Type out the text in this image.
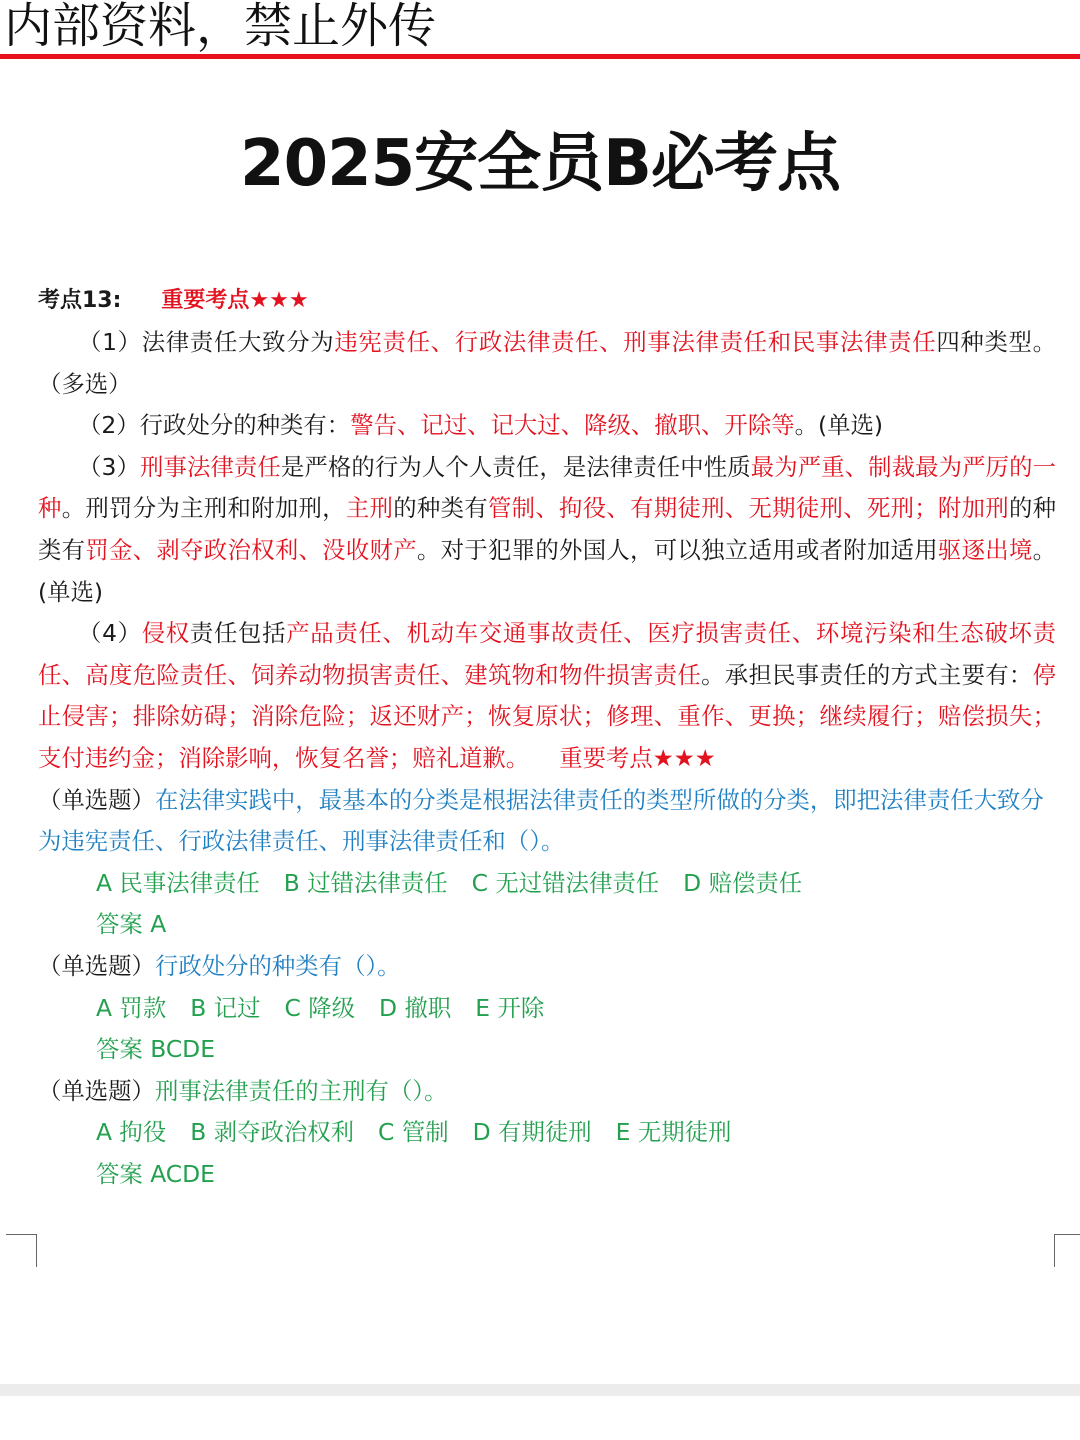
内部资料，禁止外传
2025安全员B必考点
考点13: 重要考点★★★
（1）法律责任大致分为违宪责任、行政法律责任、刑事法律责任和民事法律责任四种类型。（多选）
（2）行政处分的种类有：警告、记过、记大过、降级、撤职、开除等。(单选)
（3）刑事法律责任是严格的行为人个人责任，是法律责任中性质最为严重、制裁最为严厉的一种。刑罚分为主刑和附加刑，主刑的种类有管制、拘役、有期徒刑、无期徒刑、死刑；附加刑的种类有罚金、剥夺政治权利、没收财产。对于犯罪的外国人，可以独立适用或者附加适用驱逐出境。(单选)
（4）侵权责任包括产品责任、机动车交通事故责任、医疗损害责任、环境污染和生态破坏责任、高度危险责任、饲养动物损害责任、建筑物和物件损害责任。承担民事责任的方式主要有：停止侵害；排除妨碍；消除危险；返还财产；恢复原状；修理、重作、更换；继续履行；赔偿损失；支付违约金；消除影响，恢复名誉；赔礼道歉。 重要考点★★★
（单选题）在法律实践中，最基本的分类是根据法律责任的类型所做的分类，即把法律责任大致分为违宪责任、行政法律责任、刑事法律责任和（）。
A 民事法律责任 B 过错法律责任 C 无过错法律责任 D 赔偿责任
答案 A
（单选题）行政处分的种类有（）。
A 罚款 B 记过 C 降级 D 撤职 E 开除
答案 BCDE
（单选题）刑事法律责任的主刑有（）。
A 拘役 B 剥夺政治权利 C 管制 D 有期徒刑 E 无期徒刑
答案 ACDE
